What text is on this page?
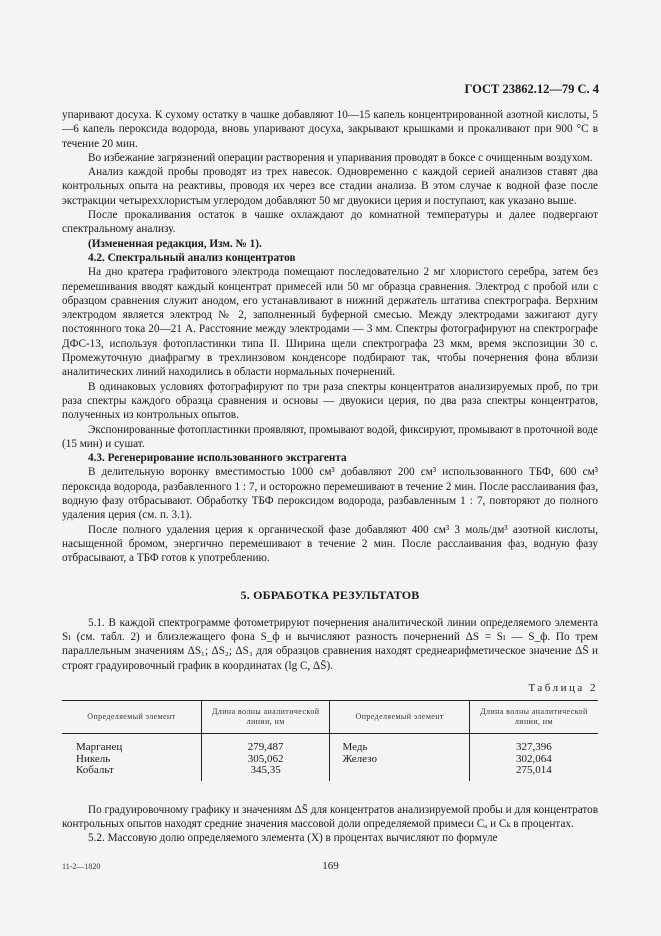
ГОСТ 23862.12—79 С. 4

упаривают досуха. К сухому остатку в чашке добавляют 10—15 капель концентрированной азотной кислоты, 5—6 капель пероксида водорода, вновь упаривают досуха, закрывают крышками и прокаливают при 900 °С в течение 20 мин.

Во избежание загрязнений операции растворения и упаривания проводят в боксе с очищенным воздухом.

Анализ каждой пробы проводят из трех навесок. Одновременно с каждой серией анализов ставят два контрольных опыта на реактивы, проводя их через все стадии анализа. В этом случае к водной фазе после экстракции четыреххлористым углеродом добавляют 50 мг двуокиси церия и поступают, как указано выше.

После прокаливания остаток в чашке охлаждают до комнатной температуры и далее подвергают спектральному анализу.

(Измененная редакция, Изм. № 1).

4.2. Спектральный анализ концентратов

На дно кратера графитового электрода помещают последовательно 2 мг хлористого серебра, затем без перемешивания вводят каждый концентрат примесей или 50 мг образца сравнения. Электрод с пробой или с образцом сравнения служит анодом, его устанавливают в нижний держатель штатива спектрографа. Верхним электродом является электрод № 2, заполненный буферной смесью. Между электродами зажигают дугу постоянного тока 20—21 А. Расстояние между электродами — 3 мм. Спектры фотографируют на спектрографе ДФС-13, используя фотопластинки типа II. Ширина щели спектрографа 23 мкм, время экспозиции 30 с. Промежуточную диафрагму в трехлинзовом конденсоре подбирают так, чтобы почернения фона вблизи аналитических линий находились в области нормальных почернений.

В одинаковых условиях фотографируют по три раза спектры концентратов анализируемых проб, по три раза спектры каждого образца сравнения и основы — двуокиси церия, по два раза спектры концентратов, полученных из контрольных опытов.

Экспонированные фотопластинки проявляют, промывают водой, фиксируют, промывают в проточной воде (15 мин) и сушат.

4.3. Регенерирование использованного экстрагента

В делительную воронку вместимостью 1000 см³ добавляют 200 см³ использованного ТБФ, 600 см³ пероксида водорода, разбавленного 1 : 7, и осторожно перемешивают в течение 2 мин. После расслаивания фаз, водную фазу отбрасывают. Обработку ТБФ пероксидом водорода, разбавленным 1 : 7, повторяют до полного удаления церия (см. п. 3.1).

После полного удаления церия к органической фазе добавляют 400 см³ 3 моль/дм³ азотной кислоты, насыщенной бромом, энергично перемешивают в течение 2 мин. После расслаивания фаз, водную фазу отбрасывают, а ТБФ готов к употреблению.

5. ОБРАБОТКА РЕЗУЛЬТАТОВ

5.1. В каждой спектрограмме фотометрируют почернения аналитической линии определяемого элемента Sₗ (см. табл. 2) и близлежащего фона S_ф и вычисляют разность почернений ΔS = Sₗ — S_ф. По трем параллельным значениям ΔS₁; ΔS₂; ΔS₃ для образцов сравнения находят среднеарифметическое значение ΔS̄ и строят градуировочный график в координатах (lg C, ΔS̄).

Таблица 2
Определяемый элемент	Длина волны аналитической линии, нм	Определяемый элемент	Длина волны аналитической линии, нм
Марганец	279,487	Медь	327,396
Никель	305,062	Железо	302,064
Кобальт	345,35		275,014

По градуировочному графику и значениям ΔS̄ для концентратов анализируемой пробы и для концентратов контрольных опытов находят средние значения массовой доли определяемой примеси Cₐ и Cₖ в процентах.

5.2. Массовую долю определяемого элемента (X) в процентах вычисляют по формуле

11-2—1820	169
